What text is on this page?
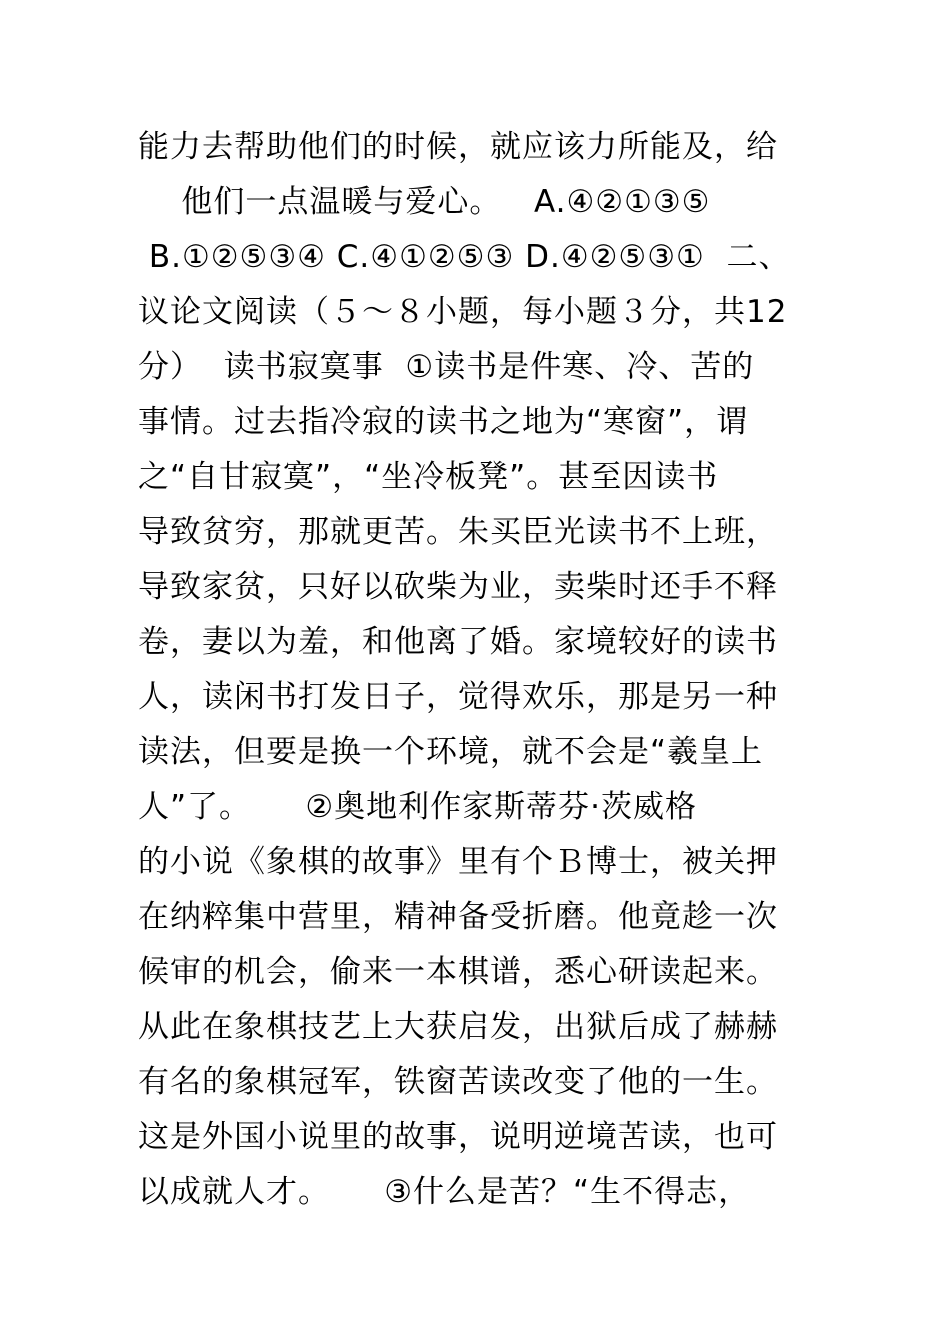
能力去帮助他们的时候，就应该力所能及，给
他们一点温暖与爱心。   A.④②①③⑤
B.①②⑤③④ C.④①②⑤③ D.④②⑤③①  二、
议论文阅读（５～８小题，每小题３分，共12
分）  读书寂寞事  ①读书是件寒、冷、苦的
事情。过去指冷寂的读书之地为“寒窗”，谓
之“自甘寂寞”，“坐冷板凳”。甚至因读书
导致贫穷，那就更苦。朱买臣光读书不上班，
导致家贫，只好以砍柴为业，卖柴时还手不释
卷，妻以为羞，和他离了婚。家境较好的读书
人，读闲书打发日子，觉得欢乐，那是另一种
读法，但要是换一个环境，就不会是“羲皇上
人”了。     ②奥地利作家斯蒂芬·茨威格
的小说《象棋的故事》里有个Ｂ博士，被关押
在纳粹集中营里，精神备受折磨。他竟趁一次
候审的机会，偷来一本棋谱，悉心研读起来。
从此在象棋技艺上大获启发，出狱后成了赫赫
有名的象棋冠军，铁窗苦读改变了他的一生。
这是外国小说里的故事，说明逆境苦读，也可
以成就人才。     ③什么是苦？“生不得志，
